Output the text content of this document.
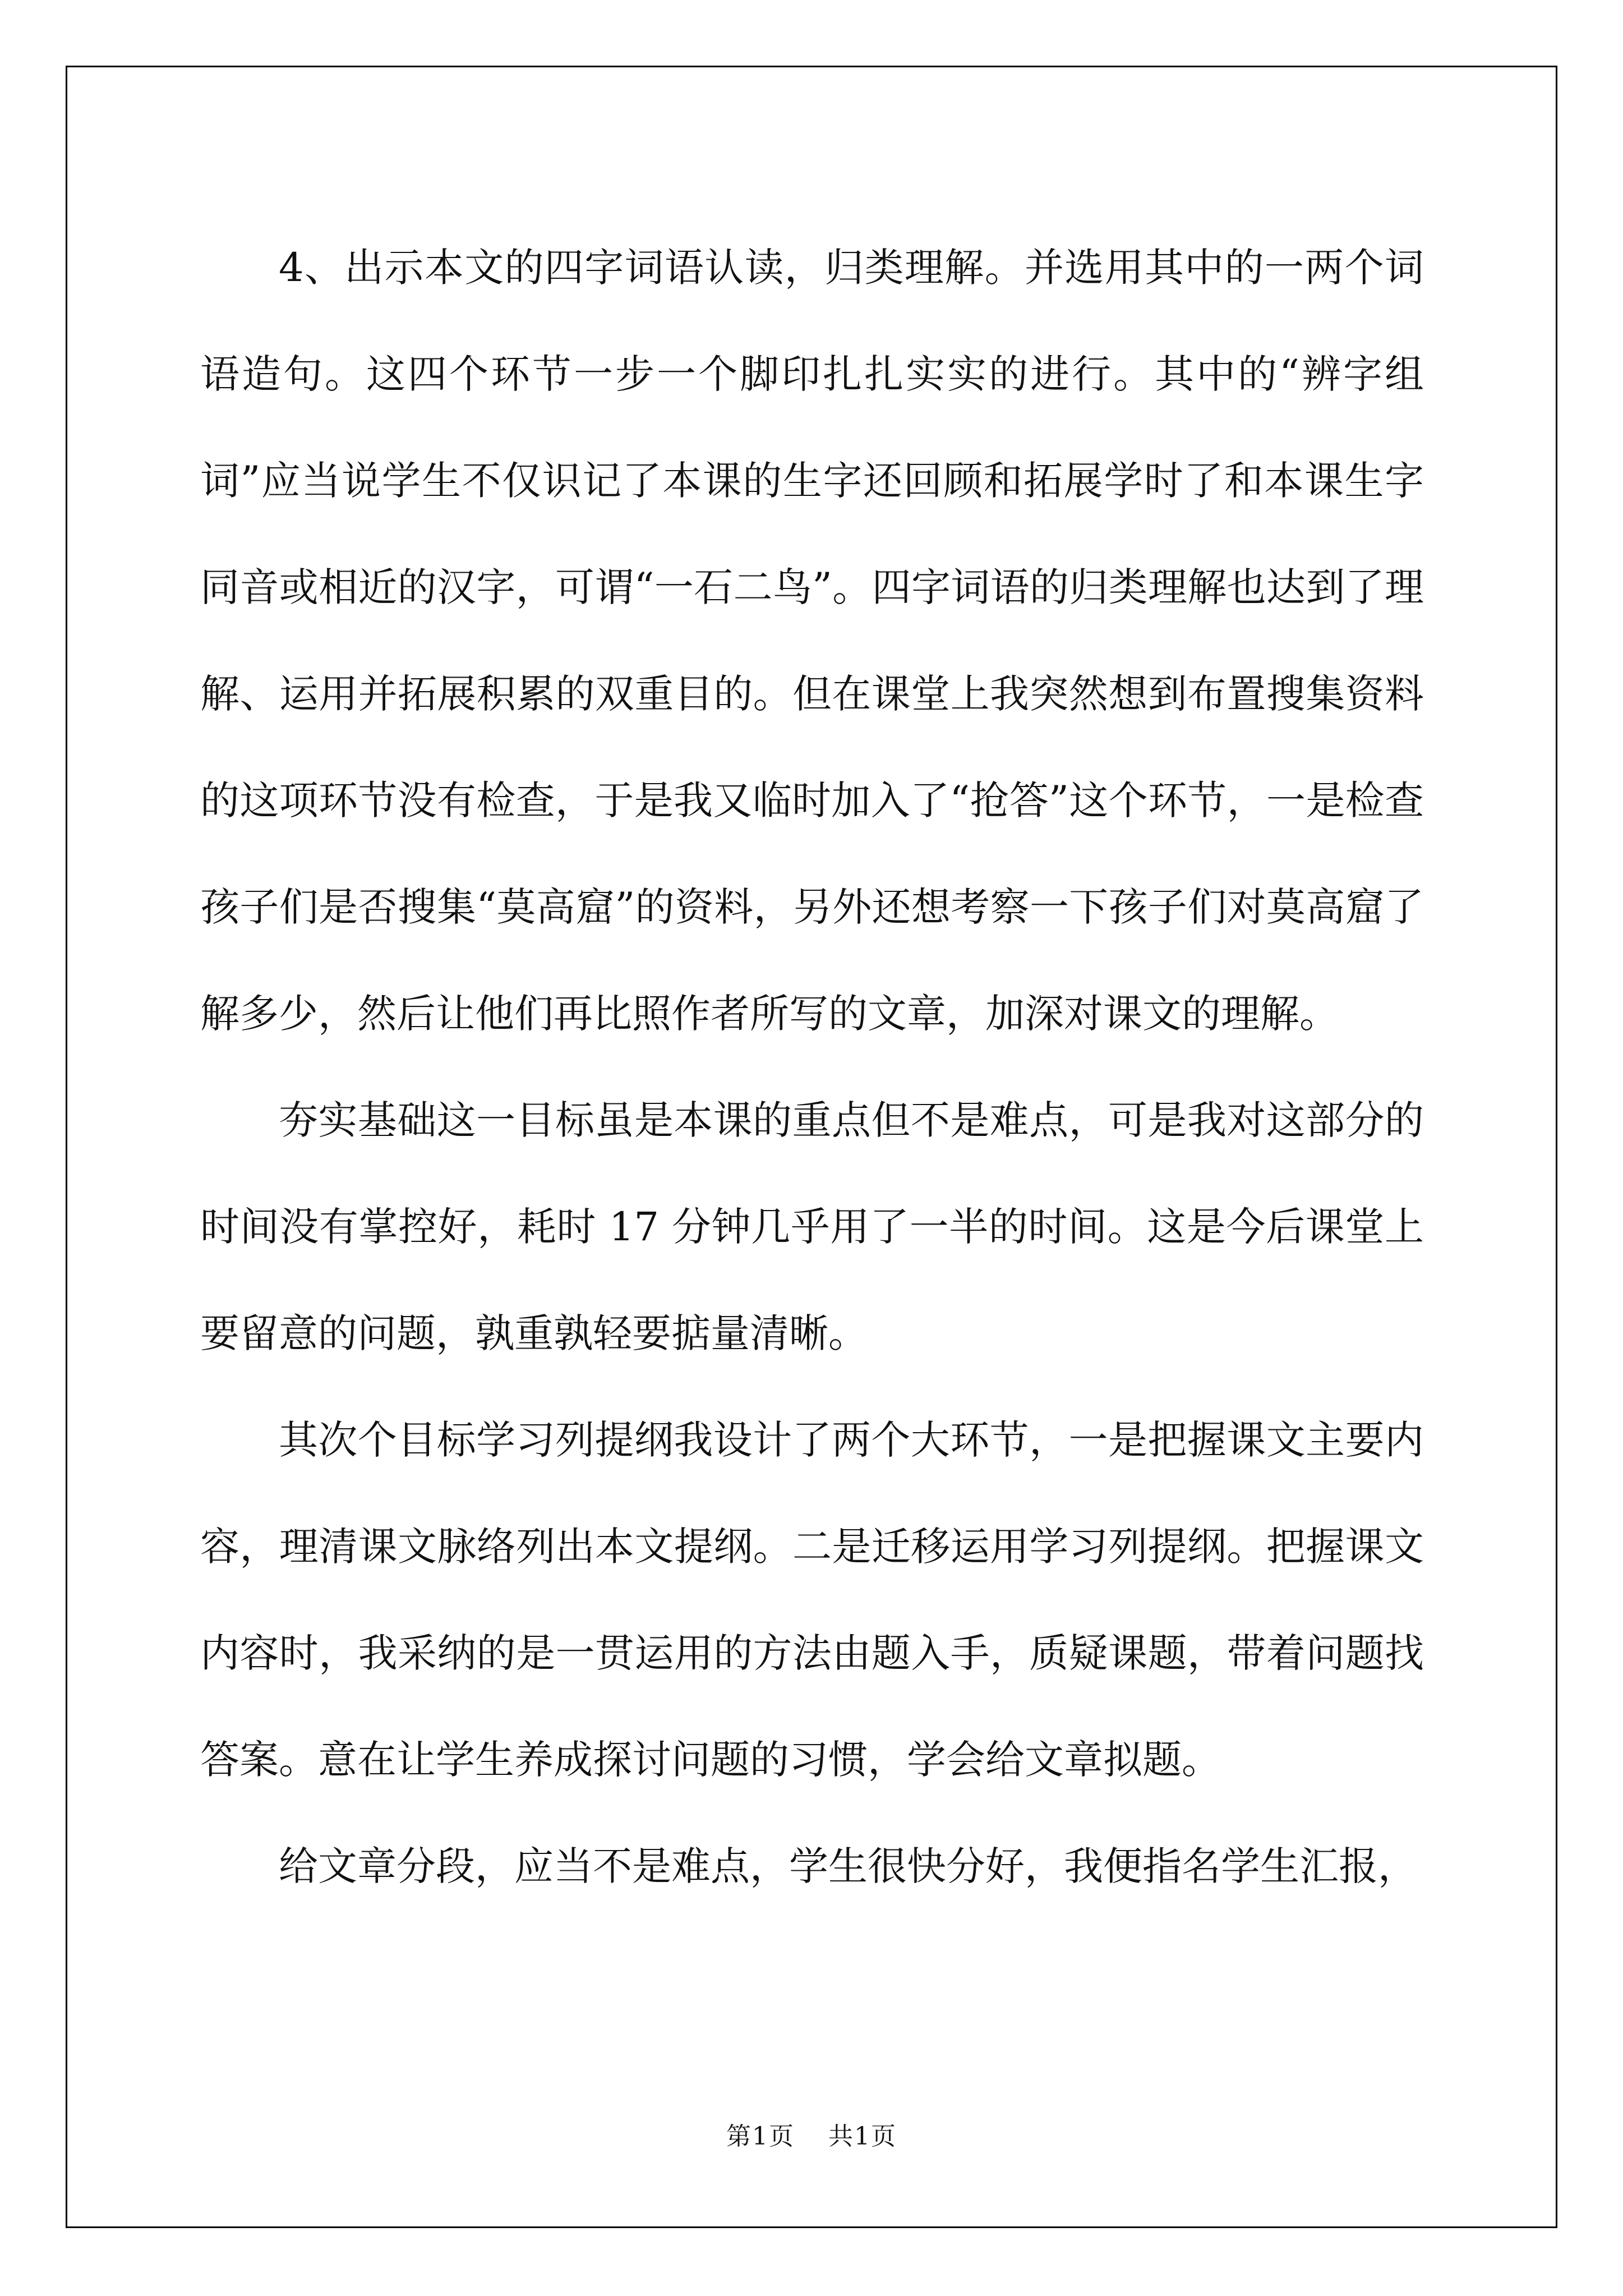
4、出示本文的四字词语认读，归类理解。并选用其中的一两个词语造句。这四个环节一步一个脚印扎扎实实的进行。其中的“辨字组词”应当说学生不仅识记了本课的生字还回顾和拓展学时了和本课生字同音或相近的汉字，可谓“一石二鸟”。四字词语的归类理解也达到了理解、运用并拓展积累的双重目的。但在课堂上我突然想到布置搜集资料的这项环节没有检查，于是我又临时加入了“抢答”这个环节，一是检查孩子们是否搜集“莫高窟”的资料，另外还想考察一下孩子们对莫高窟了解多少，然后让他们再比照作者所写的文章，加深对课文的理解。

夯实基础这一目标虽是本课的重点但不是难点，可是我对这部分的时间没有掌控好，耗时 17 分钟几乎用了一半的时间。这是今后课堂上要留意的问题，孰重孰轻要掂量清晰。

其次个目标学习列提纲我设计了两个大环节，一是把握课文主要内容，理清课文脉络列出本文提纲。二是迁移运用学习列提纲。把握课文内容时，我采纳的是一贯运用的方法由题入手，质疑课题，带着问题找答案。意在让学生养成探讨问题的习惯，学会给文章拟题。

给文章分段，应当不是难点，学生很快分好，我便指名学生汇报，

第1页 共1页
